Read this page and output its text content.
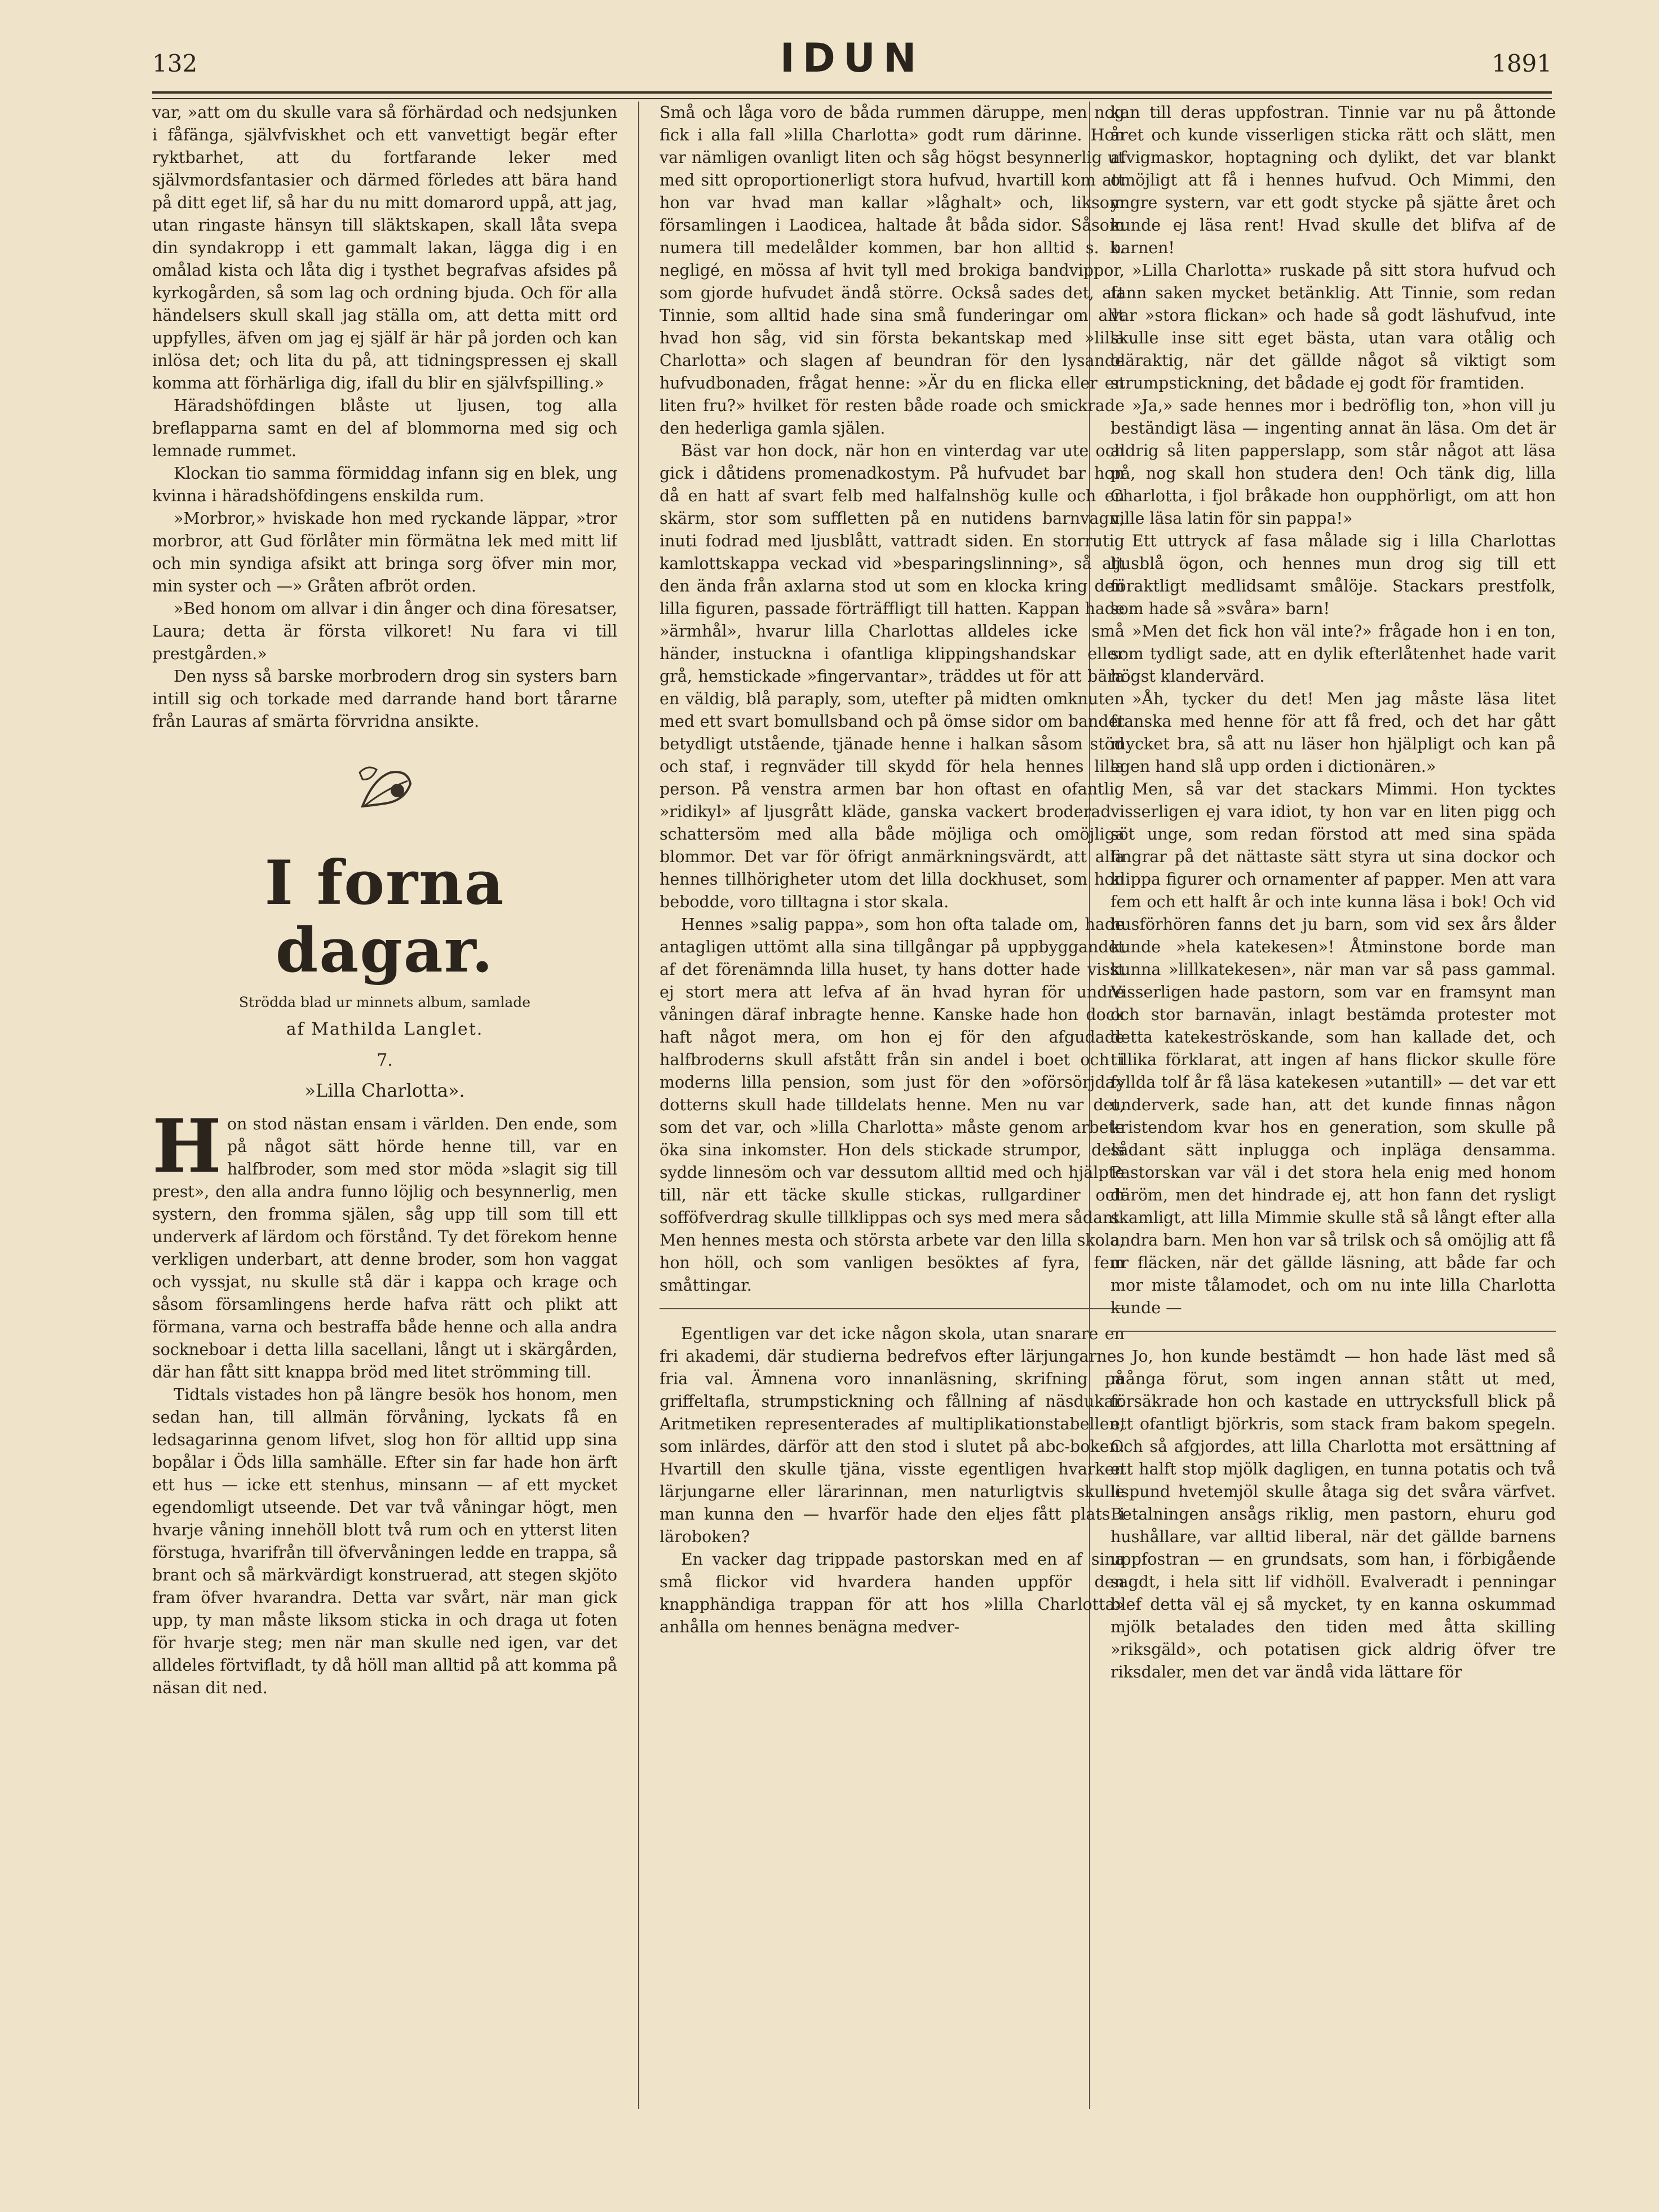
132	IDUN	1891

var, »att om du skulle vara så förhärdad och nedsjunken i fåfänga, självfviskhet och ett vanvettigt begär efter ryktbarhet, att du fortfarande leker med självmordsfantasier och därmed förledes att bära hand på ditt eget lif, så har du nu mitt domarord uppå, att jag, utan ringaste hänsyn till släktskapen, skall låta svepa din syndakropp i ett gammalt lakan, lägga dig i en omålad kista och låta dig i tysthet begrafvas afsides på kyrkogården, så som lag och ordning bjuda. Och för alla händelsers skull skall jag ställa om, att detta mitt ord uppfylles, äfven om jag ej själf är här på jorden och kan inlösa det; och lita du på, att tidningspressen ej skall komma att förhärliga dig, ifall du blir en självfspilling.»

Häradshöfdingen blåste ut ljusen, tog alla breflapparna samt en del af blommorna med sig och lemnade rummet.

Klockan tio samma förmiddag infann sig en blek, ung kvinna i häradshöfdingens enskilda rum.

»Morbror,» hviskade hon med ryckande läppar, »tror morbror, att Gud förlåter min förmätna lek med mitt lif och min syndiga afsikt att bringa sorg öfver min mor, min syster och —» Gråten afbröt orden.

»Bed honom om allvar i din ånger och dina föresatser, Laura; detta är första vilkoret! Nu fara vi till prestgården.»

Den nyss så barske morbrodern drog sin systers barn intill sig och torkade med darrande hand bort tårarne från Lauras af smärta förvridna ansikte.

I forna dagar.
Strödda blad ur minnets album, samlade
af Mathilda Langlet.
7.
»Lilla Charlotta».

Hon stod nästan ensam i världen. Den ende, som på något sätt hörde henne till, var en halfbroder, som med stor möda »slagit sig till prest», den alla andra funno löjlig och besynnerlig, men systern, den fromma själen, såg upp till som till ett underverk af lärdom och förstånd. Ty det förekom henne verkligen underbart, att denne broder, som hon vaggat och vyssjat, nu skulle stå där i kappa och krage och såsom församlingens herde hafva rätt och plikt att förmana, varna och bestraffa både henne och alla andra sockneboar i detta lilla sacellani, långt ut i skärgården, där han fått sitt knappa bröd med litet strömming till.

Tidtals vistades hon på längre besök hos honom, men sedan han, till allmän förvåning, lyckats få en ledsagarinna genom lifvet, slog hon för alltid upp sina bopålar i Öds lilla samhälle. Efter sin far hade hon ärft ett hus — icke ett stenhus, minsann — af ett mycket egendomligt utseende. Det var två våningar högt, men hvarje våning innehöll blott två rum och en ytterst liten förstuga, hvarifrån till öfvervåningen ledde en trappa, så brant och så märkvärdigt konstruerad, att stegen skjöto fram öfver hvarandra. Detta var svårt, när man gick upp, ty man måste liksom sticka in och draga ut foten för hvarje steg; men när man skulle ned igen, var det alldeles förtvifladt, ty då höll man alltid på att komma på näsan dit ned.

Små och låga voro de båda rummen däruppe, men nog fick i alla fall »lilla Charlotta» godt rum därinne. Hon var nämligen ovanligt liten och såg högst besynnerlig ut med sitt oproportionerligt stora hufvud, hvartill kom att hon var hvad man kallar »låghalt» och, liksom församlingen i Laodicea, haltade åt båda sidor. Såsom numera till medelålder kommen, bar hon alltid s. k. negligé, en mössa af hvit tyll med brokiga bandvippor, som gjorde hufvudet ändå större. Också sades det, att Tinnie, som alltid hade sina små funderingar om allt hvad hon såg, vid sin första bekantskap med »lilla Charlotta» och slagen af beundran för den lysande hufvudbonaden, frågat henne: »Är du en flicka eller en liten fru?» hvilket för resten både roade och smickrade den hederliga gamla själen.

Bäst var hon dock, när hon en vinterdag var ute och gick i dåtidens promenadkostym. På hufvudet bar hon då en hatt af svart felb med halfalnshög kulle och en skärm, stor som suffletten på en nutidens barnvagn, inuti fodrad med ljusblått, vattradt siden. En storrutig kamlottskappa veckad vid »besparingslinning», så att den ända från axlarna stod ut som en klocka kring den lilla figuren, passade förträffligt till hatten. Kappan hade »ärmhål», hvarur lilla Charlottas alldeles icke små händer, instuckna i ofantliga klippingshandskar eller grå, hemstickade »fingervantar», träddes ut för att bära en väldig, blå paraply, som, utefter på midten omknuten med ett svart bomullsband och på ömse sidor om bandet betydligt utstående, tjänade henne i halkan såsom stöd och staf, i regnväder till skydd för hela hennes lilla person. På venstra armen bar hon oftast en ofantlig »ridikyl» af ljusgrått kläde, ganska vackert broderad i schattersöm med alla både möjliga och omöjliga blommor. Det var för öfrigt anmärkningsvärdt, att alla hennes tillhörigheter utom det lilla dockhuset, som hon bebodde, voro tilltagna i stor skala.

Hennes »salig pappa», som hon ofta talade om, hade antagligen uttömt alla sina tillgångar på uppbyggandet af det förenämnda lilla huset, ty hans dotter hade visst ej stort mera att lefva af än hvad hyran för undre våningen däraf inbragte henne. Kanske hade hon dock haft något mera, om hon ej för den afgudade halfbroderns skull afstått från sin andel i boet och i moderns lilla pension, som just för den »oförsörjda» dotterns skull hade tilldelats henne. Men nu var det, som det var, och »lilla Charlotta» måste genom arbete öka sina inkomster. Hon dels stickade strumpor, dels sydde linnesöm och var dessutom alltid med och hjälpte till, när ett täcke skulle stickas, rullgardiner och sofföfverdrag skulle tillklippas och sys med mera sådant. Men hennes mesta och största arbete var den lilla skola, hon höll, och som vanligen besöktes af fyra, fem småttingar.

Egentligen var det icke någon skola, utan snarare en fri akademi, där studierna bedrefvos efter lärjungarnes fria val. Ämnena voro innanläsning, skrifning på griffeltafla, strumpstickning och fållning af näsdukar. Aritmetiken representerades af multiplikationstabellen, som inlärdes, därför att den stod i slutet på abc-boken. Hvartill den skulle tjäna, visste egentligen hvarken lärjungarne eller lärarinnan, men naturligtvis skulle man kunna den — hvarför hade den eljes fått plats i läroboken?

En vacker dag trippade pastorskan med en af sina små flickor vid hvardera handen uppför den knapphändiga trappan för att hos »lilla Charlotta» anhålla om hennes benägna medver-

kan till deras uppfostran. Tinnie var nu på åttonde året och kunde visserligen sticka rätt och slätt, men afvigmaskor, hoptagning och dylikt, det var blankt omöjligt att få i hennes hufvud. Och Mimmi, den yngre systern, var ett godt stycke på sjätte året och kunde ej läsa rent! Hvad skulle det blifva af de barnen!

»Lilla Charlotta» ruskade på sitt stora hufvud och fann saken mycket betänklig. Att Tinnie, som redan var »stora flickan» och hade så godt läshufvud, inte skulle inse sitt eget bästa, utan vara otålig och oläraktig, när det gällde något så viktigt som strumpstickning, det bådade ej godt för framtiden.

»Ja,» sade hennes mor i bedröflig ton, »hon vill ju beständigt läsa — ingenting annat än läsa. Om det är aldrig så liten papperslapp, som står något att läsa på, nog skall hon studera den! Och tänk dig, lilla Charlotta, i fjol bråkade hon oupphörligt, om att hon ville läsa latin för sin pappa!»

Ett uttryck af fasa målade sig i lilla Charlottas ljusblå ögon, och hennes mun drog sig till ett föraktligt medlidsamt smålöje. Stackars prestfolk, som hade så »svåra» barn!

»Men det fick hon väl inte?» frågade hon i en ton, som tydligt sade, att en dylik efterlåtenhet hade varit högst klandervärd.

»Åh, tycker du det! Men jag måste läsa litet franska med henne för att få fred, och det har gått mycket bra, så att nu läser hon hjälpligt och kan på egen hand slå upp orden i dictionären.»

Men, så var det stackars Mimmi. Hon tycktes visserligen ej vara idiot, ty hon var en liten pigg och söt unge, som redan förstod att med sina späda fingrar på det nättaste sätt styra ut sina dockor och klippa figurer och ornamenter af papper. Men att vara fem och ett halft år och inte kunna läsa i bok! Och vid husförhören fanns det ju barn, som vid sex års ålder kunde »hela katekesen»! Åtminstone borde man kunna »lillkatekesen», när man var så pass gammal. Visserligen hade pastorn, som var en framsynt man och stor barnavän, inlagt bestämda protester mot detta katekeströskande, som han kallade det, och tillika förklarat, att ingen af hans flickor skulle före fyllda tolf år få läsa katekesen »utantill» — det var ett underverk, sade han, att det kunde finnas någon kristendom kvar hos en generation, som skulle på sådant sätt inplugga och inpläga densamma. Pastorskan var väl i det stora hela enig med honom däröm, men det hindrade ej, att hon fann det rysligt skamligt, att lilla Mimmie skulle stå så långt efter alla andra barn. Men hon var så trilsk och så omöjlig att få ur fläcken, när det gällde läsning, att både far och mor miste tålamodet, och om nu inte lilla Charlotta kunde —

Jo, hon kunde bestämdt — hon hade läst med så många förut, som ingen annan stått ut med, försäkrade hon och kastade en uttrycksfull blick på ett ofantligt björkris, som stack fram bakom spegeln. Och så afgjordes, att lilla Charlotta mot ersättning af ett halft stop mjölk dagligen, en tunna potatis och två lispund hvetemjöl skulle åtaga sig det svåra värfvet. Betalningen ansågs riklig, men pastorn, ehuru god hushållare, var alltid liberal, när det gällde barnens uppfostran — en grundsats, som han, i förbigående sagdt, i hela sitt lif vidhöll. Evalveradt i penningar blef detta väl ej så mycket, ty en kanna oskummad mjölk betalades den tiden med åtta skilling »riksgäld», och potatisen gick aldrig öfver tre riksdaler, men det var ändå vida lättare för
